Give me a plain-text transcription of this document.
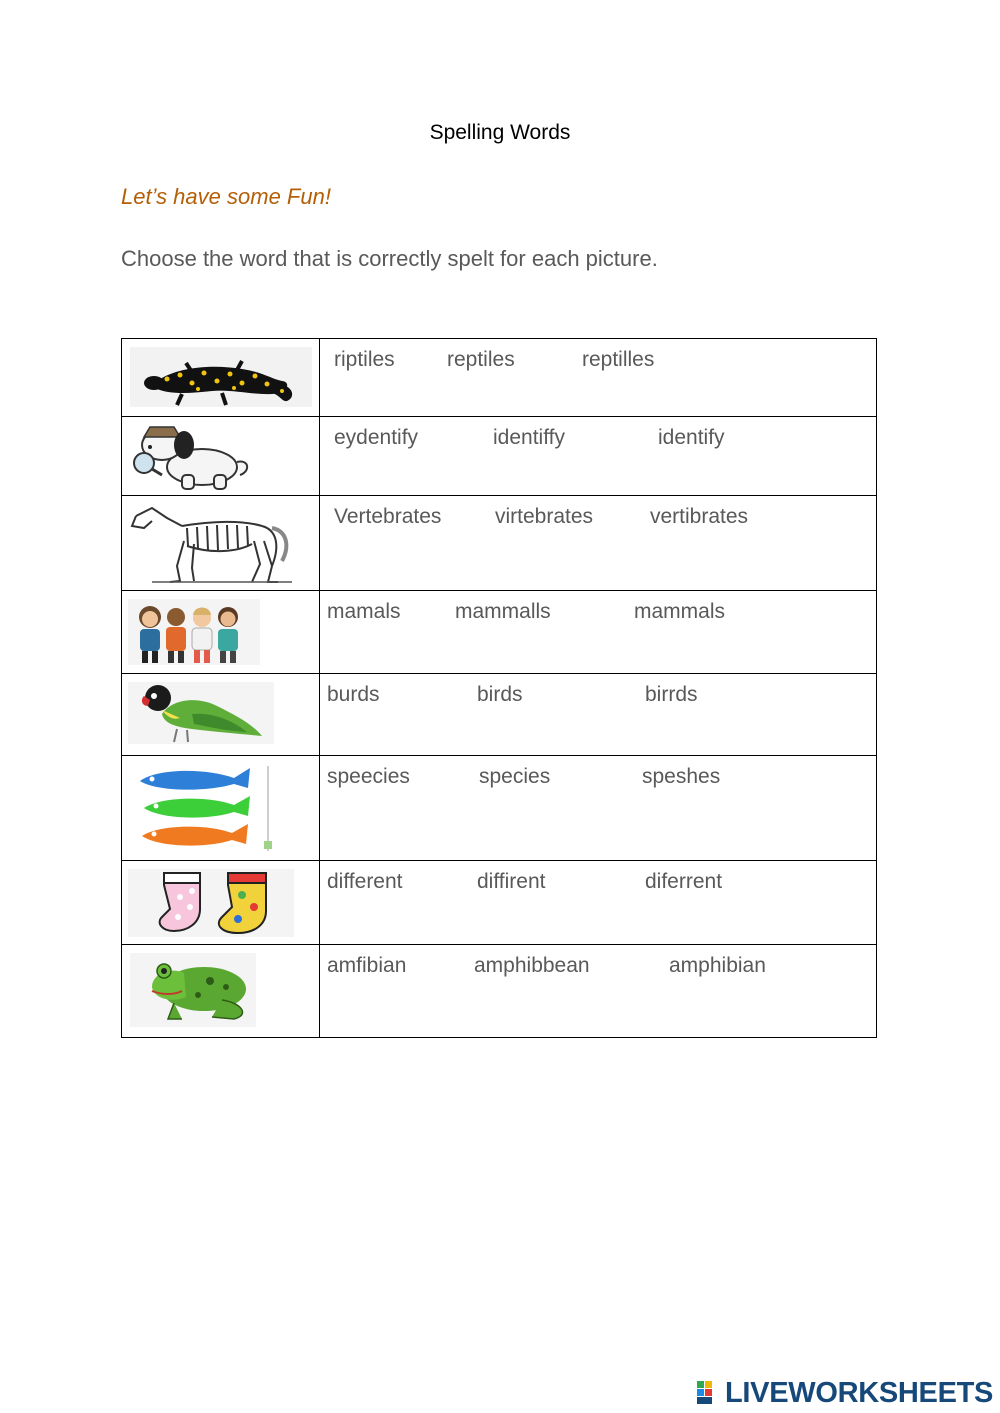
Spelling Words
Let’s have some Fun!
Choose the word that is correctly spelt for each picture.

riptiles reptiles reptilles

eydentify identiffy identify

Vertebrates virtebrates vertibrates

mamals mammalls mammals

burds birds birrds

speecies species speshes

different diffirent diferrent

amfibian amphibbean amphibian
LIVEWORKSHEETS
